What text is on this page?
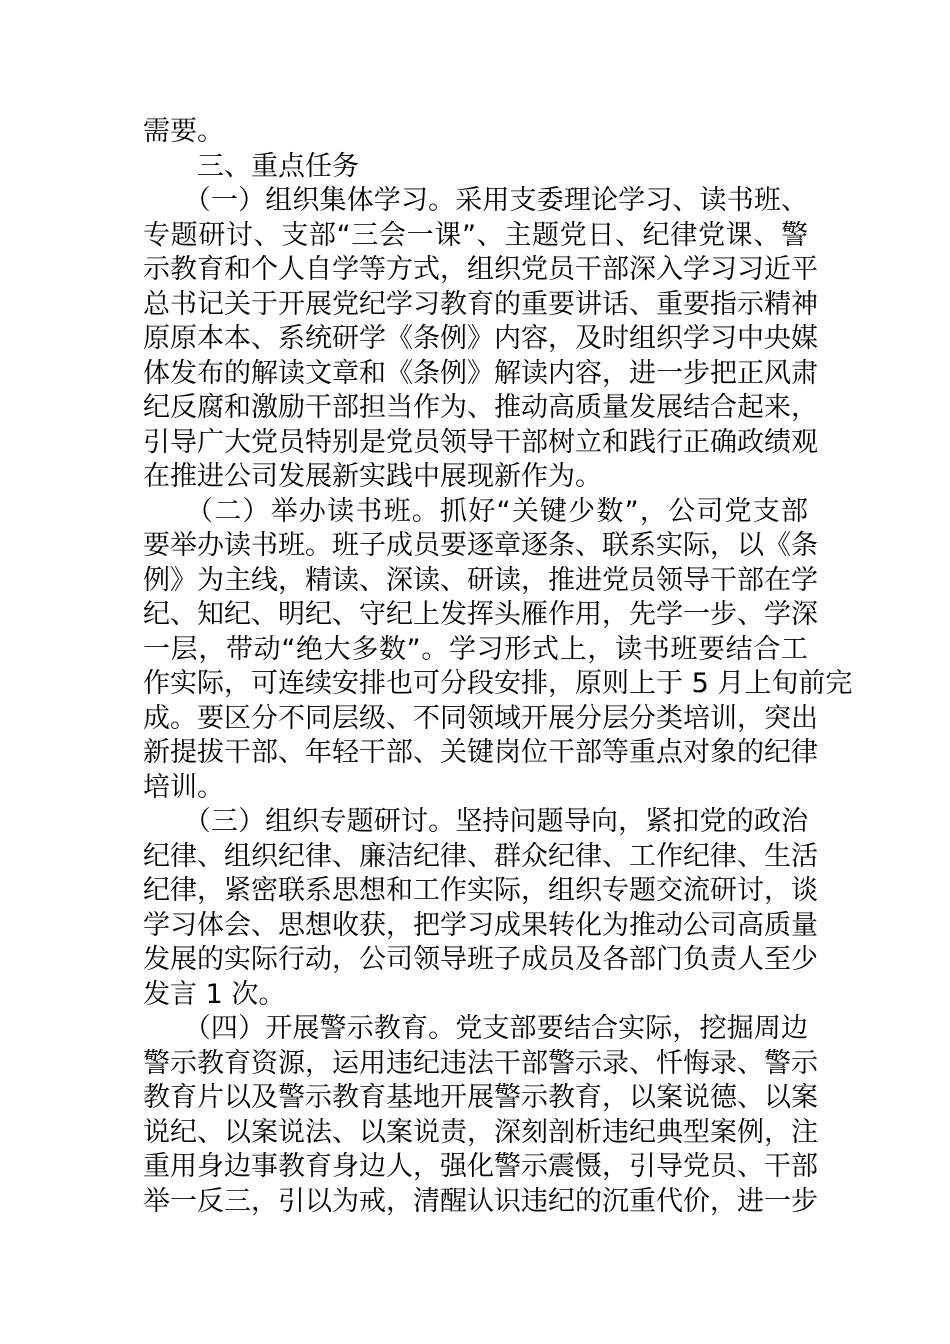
需要。
　　三、重点任务
　　（一）组织集体学习。采用支委理论学习、读书班、
专题研讨、支部“三会一课”、主题党日、纪律党课、警
示教育和个人自学等方式，组织党员干部深入学习习近平
总书记关于开展党纪学习教育的重要讲话、重要指示精神
原原本本、系统研学《条例》内容，及时组织学习中央媒
体发布的解读文章和《条例》解读内容，进一步把正风肃
纪反腐和激励干部担当作为、推动高质量发展结合起来，
引导广大党员特别是党员领导干部树立和践行正确政绩观
在推进公司发展新实践中展现新作为。
　　（二）举办读书班。抓好“关键少数”，公司党支部
要举办读书班。班子成员要逐章逐条、联系实际，以《条
例》为主线，精读、深读、研读，推进党员领导干部在学
纪、知纪、明纪、守纪上发挥头雁作用，先学一步、学深
一层，带动“绝大多数”。学习形式上，读书班要结合工
作实际，可连续安排也可分段安排，原则上于 5 月上旬前完
成。要区分不同层级、不同领域开展分层分类培训，突出
新提拔干部、年轻干部、关键岗位干部等重点对象的纪律
培训。
　　（三）组织专题研讨。坚持问题导向，紧扣党的政治
纪律、组织纪律、廉洁纪律、群众纪律、工作纪律、生活
纪律，紧密联系思想和工作实际，组织专题交流研讨，谈
学习体会、思想收获，把学习成果转化为推动公司高质量
发展的实际行动，公司领导班子成员及各部门负责人至少
发言 1 次。
　　（四）开展警示教育。党支部要结合实际，挖掘周边
警示教育资源，运用违纪违法干部警示录、忏悔录、警示
教育片以及警示教育基地开展警示教育，以案说德、以案
说纪、以案说法、以案说责，深刻剖析违纪典型案例，注
重用身边事教育身边人，强化警示震慑，引导党员、干部
举一反三，引以为戒，清醒认识违纪的沉重代价，进一步
